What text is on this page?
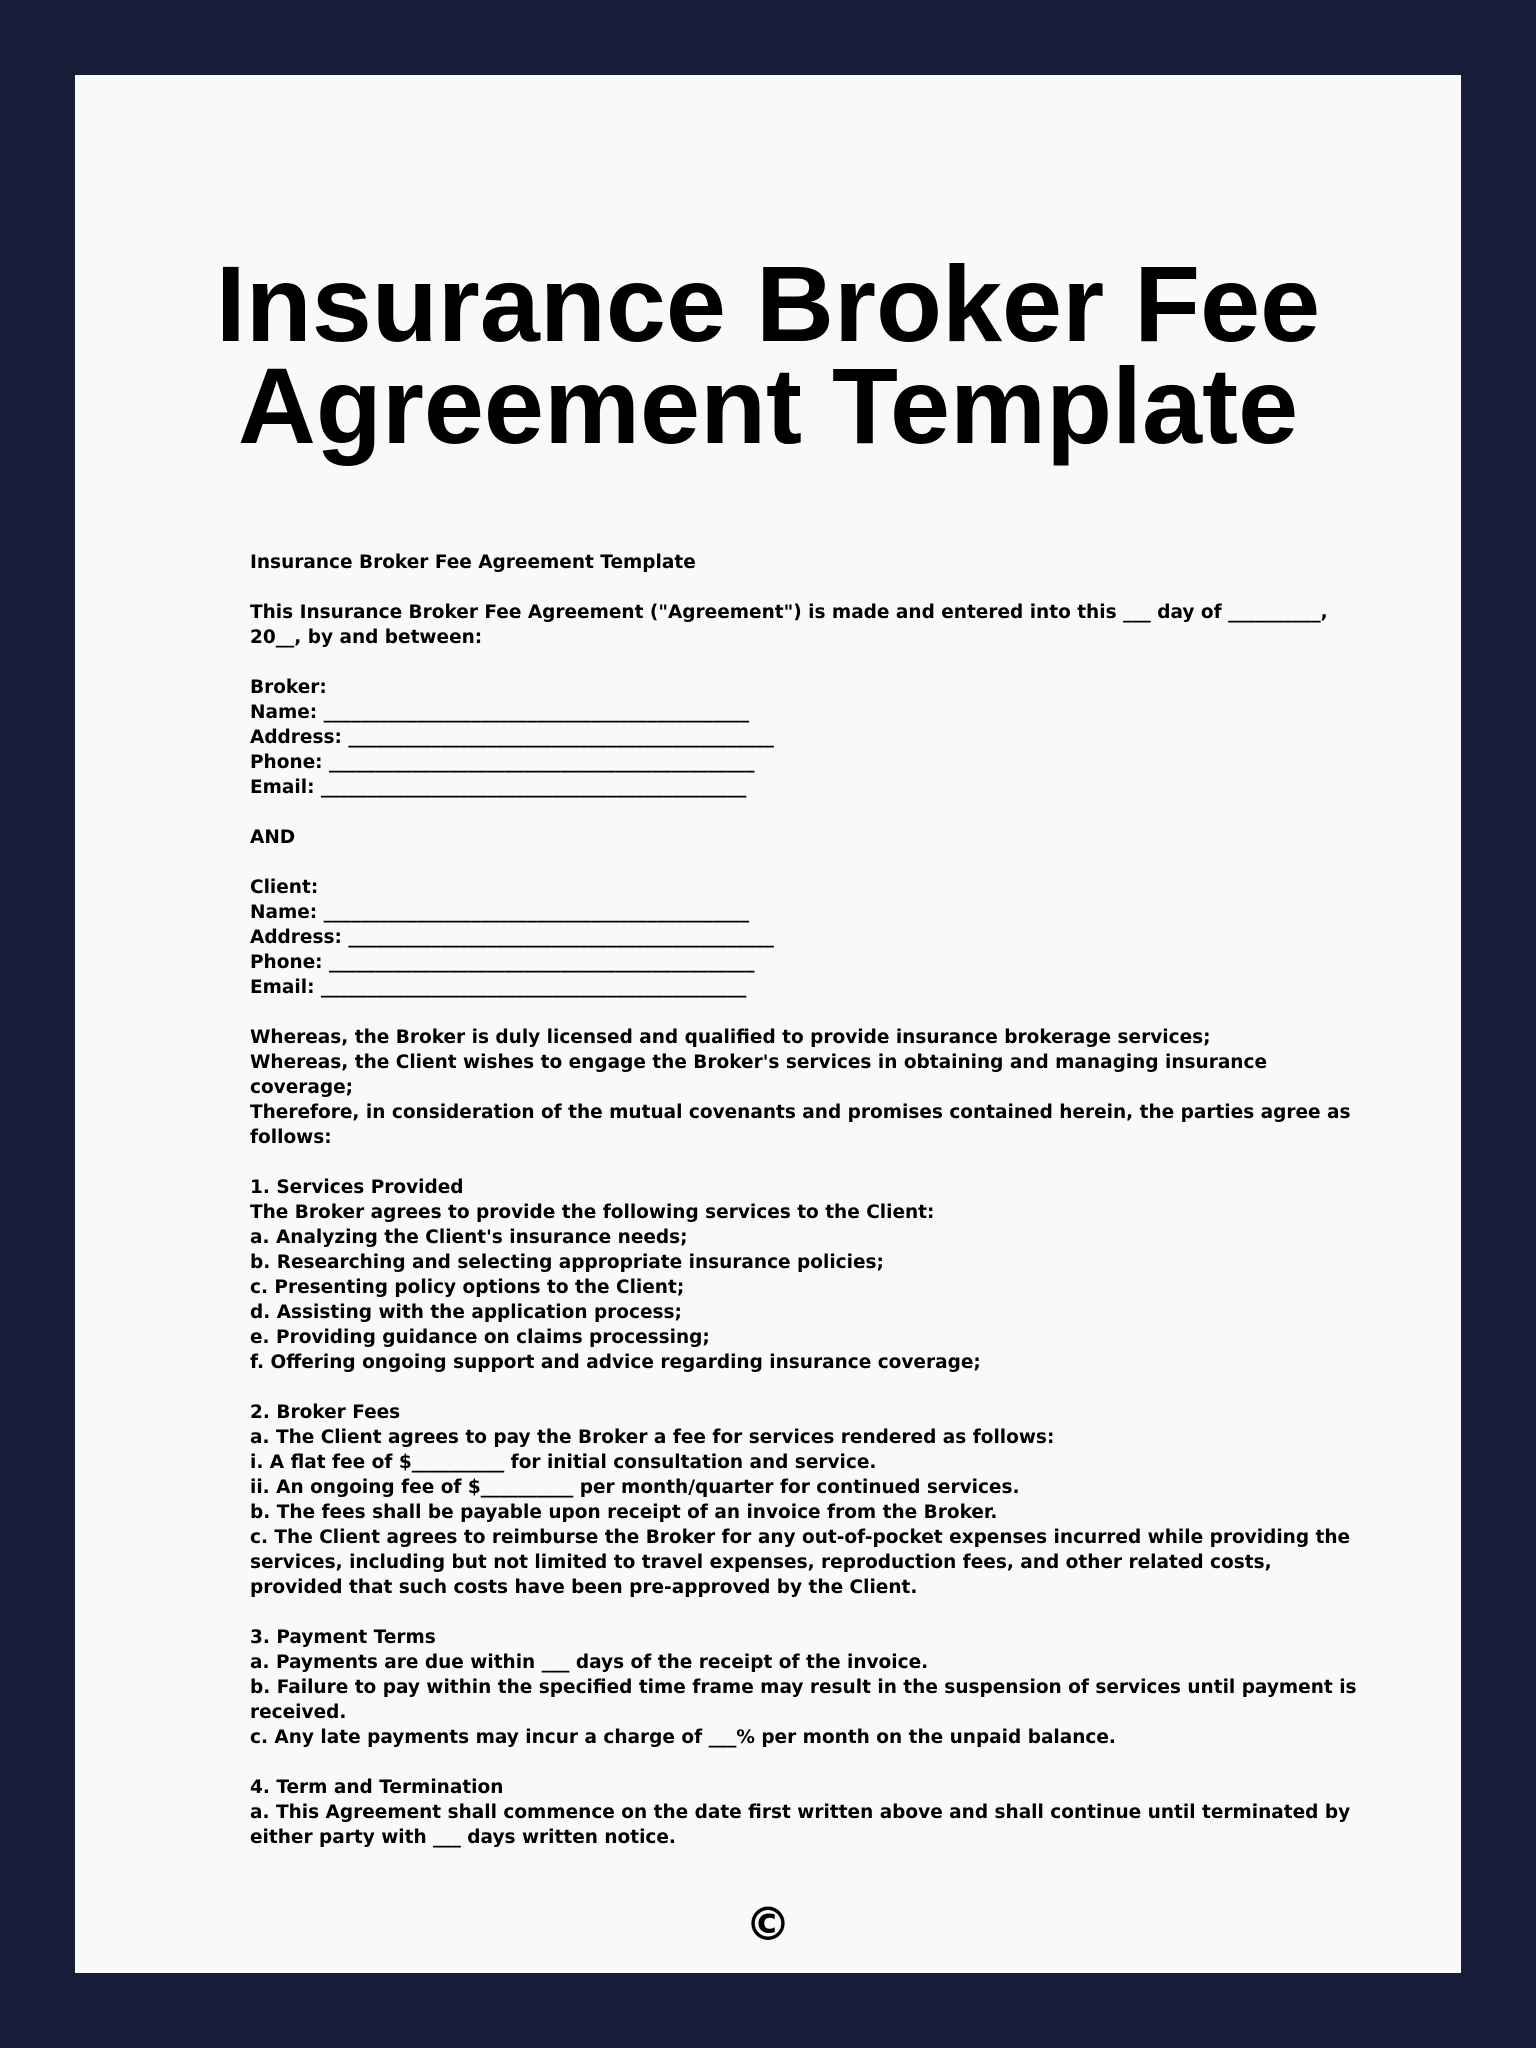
Insurance Broker Fee Agreement Template
Insurance Broker Fee Agreement Template
This Insurance Broker Fee Agreement ("Agreement") is made and entered into this ___ day of __________, 20__, by and between:
Broker:
Name: ______________________________________________
Address: ______________________________________________
Phone: ______________________________________________
Email: ______________________________________________
AND
Client:
Name: ______________________________________________
Address: ______________________________________________
Phone: ______________________________________________
Email: ______________________________________________
Whereas, the Broker is duly licensed and qualified to provide insurance brokerage services;
Whereas, the Client wishes to engage the Broker's services in obtaining and managing insurance coverage;
Therefore, in consideration of the mutual covenants and promises contained herein, the parties agree as follows:
1. Services Provided
The Broker agrees to provide the following services to the Client:
a. Analyzing the Client's insurance needs;
b. Researching and selecting appropriate insurance policies;
c. Presenting policy options to the Client;
d. Assisting with the application process;
e. Providing guidance on claims processing;
f. Offering ongoing support and advice regarding insurance coverage;
2. Broker Fees
a. The Client agrees to pay the Broker a fee for services rendered as follows:
i. A flat fee of $__________ for initial consultation and service.
ii. An ongoing fee of $__________ per month/quarter for continued services.
b. The fees shall be payable upon receipt of an invoice from the Broker.
c. The Client agrees to reimburse the Broker for any out-of-pocket expenses incurred while providing the services, including but not limited to travel expenses, reproduction fees, and other related costs, provided that such costs have been pre-approved by the Client.
3. Payment Terms
a. Payments are due within ___ days of the receipt of the invoice.
b. Failure to pay within the specified time frame may result in the suspension of services until payment is received.
c. Any late payments may incur a charge of ___% per month on the unpaid balance.
4. Term and Termination
a. This Agreement shall commence on the date first written above and shall continue until terminated by either party with ___ days written notice.
©
